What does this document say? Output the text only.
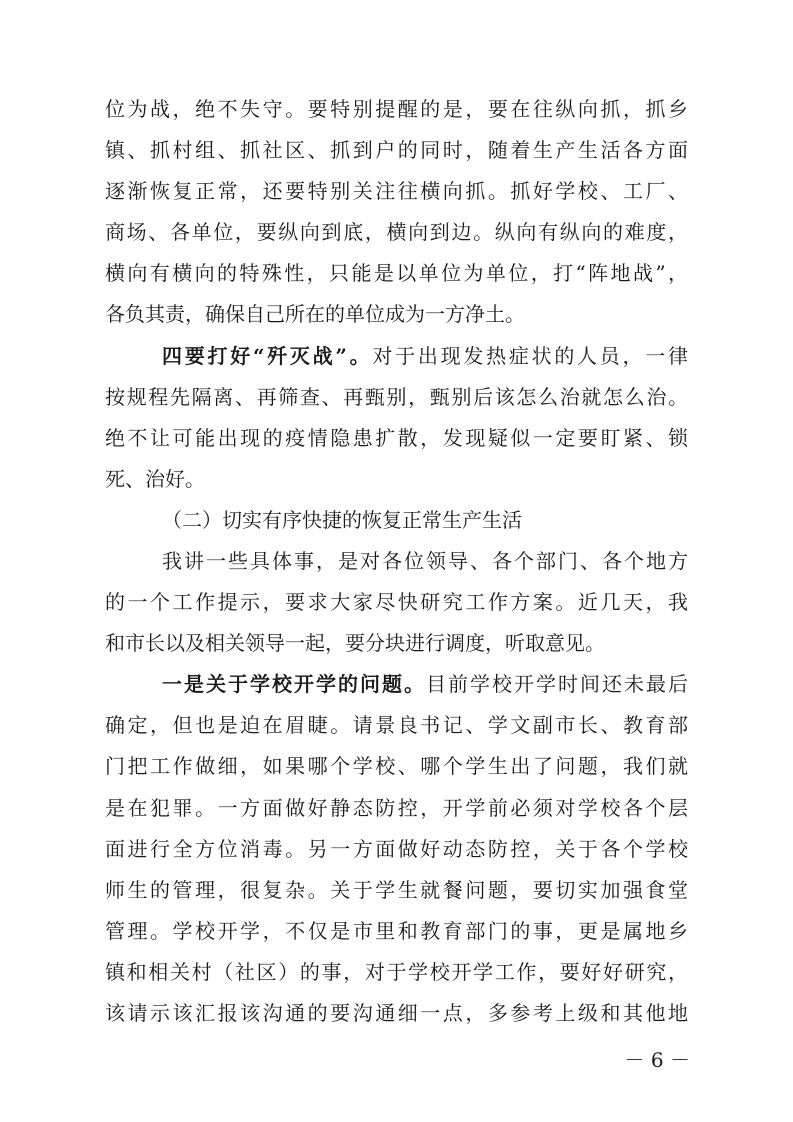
位为战，绝不失守。要特别提醒的是，要在往纵向抓，抓乡
镇、抓村组、抓社区、抓到户的同时，随着生产生活各方面
逐渐恢复正常，还要特别关注往横向抓。抓好学校、工厂、
商场、各单位，要纵向到底，横向到边。纵向有纵向的难度，
横向有横向的特殊性，只能是以单位为单位，打“阵地战”，
各负其责，确保自己所在的单位成为一方净土。
四要打好“歼灭战”。对于出现发热症状的人员，一律
按规程先隔离、再筛查、再甄别，甄别后该怎么治就怎么治。
绝不让可能出现的疫情隐患扩散，发现疑似一定要盯紧、锁
死、治好。
（二）切实有序快捷的恢复正常生产生活
我讲一些具体事，是对各位领导、各个部门、各个地方
的一个工作提示，要求大家尽快研究工作方案。近几天，我
和市长以及相关领导一起，要分块进行调度，听取意见。
一是关于学校开学的问题。目前学校开学时间还未最后
确定，但也是迫在眉睫。请景良书记、学文副市长、教育部
门把工作做细，如果哪个学校、哪个学生出了问题，我们就
是在犯罪。一方面做好静态防控，开学前必须对学校各个层
面进行全方位消毒。另一方面做好动态防控，关于各个学校
师生的管理，很复杂。关于学生就餐问题，要切实加强食堂
管理。学校开学，不仅是市里和教育部门的事，更是属地乡
镇和相关村（社区）的事，对于学校开学工作，要好好研究，
该请示该汇报该沟通的要沟通细一点，多参考上级和其他地
－ 6 －
